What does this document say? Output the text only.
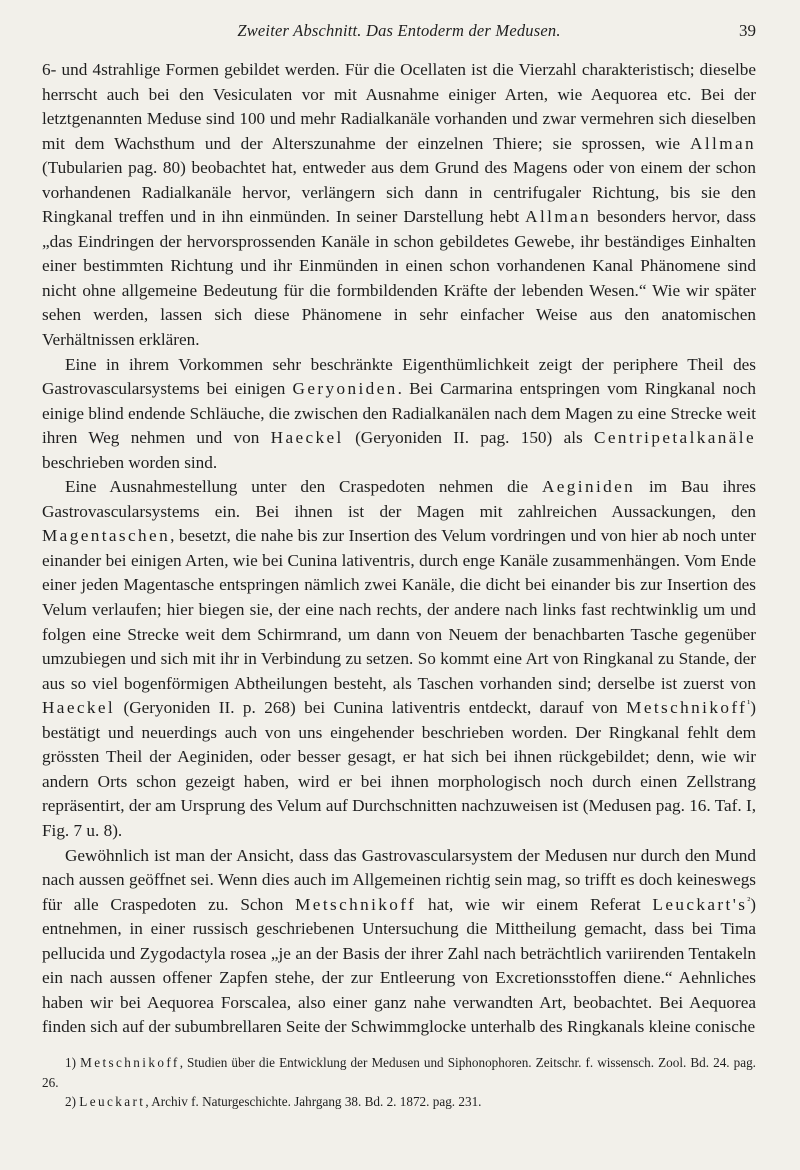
Zweiter Abschnitt. Das Entoderm der Medusen.	39

6- und 4strahlige Formen gebildet werden. Für die Ocellaten ist die Vierzahl charakteristisch; dieselbe herrscht auch bei den Vesiculaten vor mit Ausnahme einiger Arten, wie Aequorea etc. Bei der letztgenannten Meduse sind 100 und mehr Radialkanäle vorhanden und zwar vermehren sich dieselben mit dem Wachsthum und der Alterszunahme der einzelnen Thiere; sie sprossen, wie Allman (Tubularien pag. 80) beobachtet hat, entweder aus dem Grund des Magens oder von einem der schon vorhandenen Radialkanäle hervor, verlängern sich dann in centrifugaler Richtung, bis sie den Ringkanal treffen und in ihn einmünden. In seiner Darstellung hebt Allman besonders hervor, dass „das Eindringen der hervorsprossenden Kanäle in schon gebildetes Gewebe, ihr beständiges Einhalten einer bestimmten Richtung und ihr Einmünden in einen schon vorhandenen Kanal Phänomene sind nicht ohne allgemeine Bedeutung für die formbildenden Kräfte der lebenden Wesen.“ Wie wir später sehen werden, lassen sich diese Phänomene in sehr einfacher Weise aus den anatomischen Verhältnissen erklären.

Eine in ihrem Vorkommen sehr beschränkte Eigenthümlichkeit zeigt der periphere Theil des Gastrovascularsystems bei einigen Geryoniden. Bei Carmarina entspringen vom Ringkanal noch einige blind endende Schläuche, die zwischen den Radialkanälen nach dem Magen zu eine Strecke weit ihren Weg nehmen und von Haeckel (Geryoniden II. pag. 150) als Centripetalkanäle beschrieben worden sind.

Eine Ausnahmestellung unter den Craspedoten nehmen die Aeginiden im Bau ihres Gastrovascularsystems ein. Bei ihnen ist der Magen mit zahlreichen Aussackungen, den Magentaschen, besetzt, die nahe bis zur Insertion des Velum vordringen und von hier ab noch unter einander bei einigen Arten, wie bei Cunina lativentris, durch enge Kanäle zusammenhängen. Vom Ende einer jeden Magentasche entspringen nämlich zwei Kanäle, die dicht bei einander bis zur Insertion des Velum verlaufen; hier biegen sie, der eine nach rechts, der andere nach links fast rechtwinklig um und folgen eine Strecke weit dem Schirmrand, um dann von Neuem der benachbarten Tasche gegenüber umzubiegen und sich mit ihr in Verbindung zu setzen. So kommt eine Art von Ringkanal zu Stande, der aus so viel bogenförmigen Abtheilungen besteht, als Taschen vorhanden sind; derselbe ist zuerst von Haeckel (Geryoniden II. p. 268) bei Cunina lativentris entdeckt, darauf von Metschnikoff$^{^1}$) bestätigt und neuerdings auch von uns eingehender beschrieben worden. Der Ringkanal fehlt dem grössten Theil der Aeginiden, oder besser gesagt, er hat sich bei ihnen rückgebildet; denn, wie wir andern Orts schon gezeigt haben, wird er bei ihnen morphologisch noch durch einen Zellstrang repräsentirt, der am Ursprung des Velum auf Durchschnitten nachzuweisen ist (Medusen pag. 16. Taf. I, Fig. 7 u. 8).

Gewöhnlich ist man der Ansicht, dass das Gastrovascularsystem der Medusen nur durch den Mund nach aussen geöffnet sei. Wenn dies auch im Allgemeinen richtig sein mag, so trifft es doch keineswegs für alle Craspedoten zu. Schon Metschnikoff hat, wie wir einem Referat $Leuckart's^{^2}$) entnehmen, in einer russisch geschriebenen Untersuchung die Mittheilung gemacht, dass bei Tima pellucida und Zygodactyla rosea „je an der Basis der ihrer Zahl nach beträchtlich variirenden Tentakeln ein nach aussen offener Zapfen stehe, der zur Entleerung von Excretionsstoffen diene.“ Aehnliches haben wir bei Aequorea Forscalea, also einer ganz nahe verwandten Art, beobachtet. Bei Aequorea finden sich auf der subumbrellaren Seite der Schwimmglocke unterhalb des Ringkanals kleine conische

1) Metschnikoff, Studien über die Entwicklung der Medusen und Siphonophoren. Zeitschr. f. wissensch. Zool. Bd. 24. pag. 26.

2) Leuckart, Archiv f. Naturgeschichte. Jahrgang 38. Bd. 2. 1872. pag. 231.
